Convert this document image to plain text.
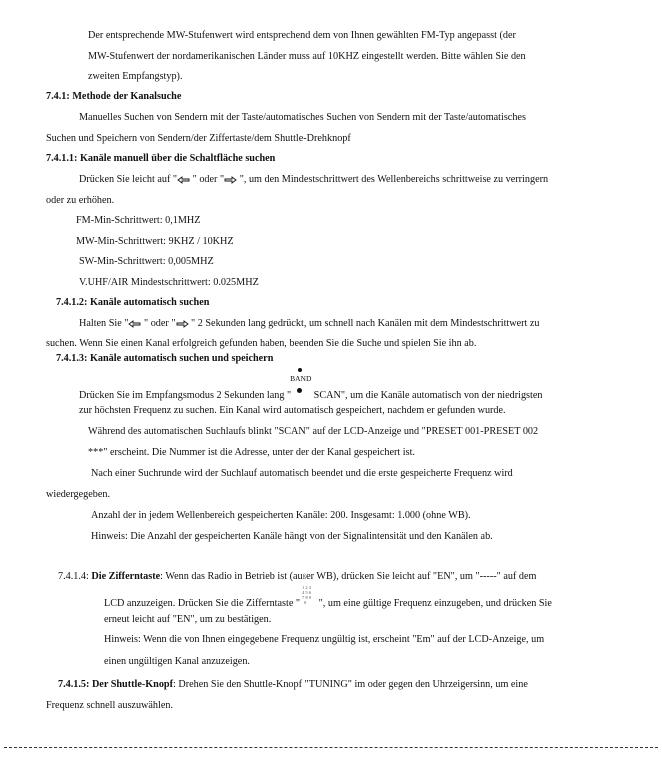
Der entsprechende MW-Stufenwert wird entsprechend dem von Ihnen gewählten FM-Typ angepasst (der
MW-Stufenwert der nordamerikanischen Länder muss auf 10KHZ eingestellt werden. Bitte wählen Sie den
zweiten Empfangstyp).
7.4.1: Methode der Kanalsuche
Manuelles Suchen von Sendern mit der Taste/automatisches Suchen von Sendern mit der Taste/automatisches
Suchen und Speichern von Sendern/der Ziffertaste/dem Shuttle-Drehknopf
7.4.1.1: Kanäle manuell über die Schaltfläche suchen
Drücken Sie leicht auf " " oder " ", um den Mindestschrittwert des Wellenbereichs schrittweise zu verringern
oder zu erhöhen.
FM-Min-Schrittwert: 0,1MHZ
MW-Min-Schrittwert: 9KHZ / 10KHZ
SW-Min-Schrittwert: 0,005MHZ
V.UHF/AIR Mindestschrittwert: 0.025MHZ
7.4.1.2: Kanäle automatisch suchen
Halten Sie " " oder " " 2 Sekunden lang gedrückt, um schnell nach Kanälen mit dem Mindestschrittwert zu
suchen. Wenn Sie einen Kanal erfolgreich gefunden haben, beenden Sie die Suche und spielen Sie ihn ab.
7.4.1.3: Kanäle automatisch suchen und speichern
Drücken Sie im Empfangsmodus 2 Sekunden lang "
BAND
SCAN", um die Kanäle automatisch von der niedrigsten
zur höchsten Frequenz zu suchen. Ein Kanal wird automatisch gespeichert, nachdem er gefunden wurde.
Während des automatischen Suchlaufs blinkt "SCAN" auf der LCD-Anzeige und "PRESET 001-PRESET 002
***" erscheint. Die Nummer ist die Adresse, unter der der Kanal gespeichert ist.
Nach einer Suchrunde wird der Suchlauf automatisch beendet und die erste gespeicherte Frequenz wird
wiedergegeben.
Anzahl der in jedem Wellenbereich gespeicherten Kanäle: 200. Insgesamt: 1.000 (ohne WB).
Hinweis: Die Anzahl der gespeicherten Kanäle hängt von der Signalintensität und den Kanälen ab.
7.4.1.4: Die Zifferntaste: Wenn das Radio in Betrieb ist (außer WB), drücken Sie leicht auf "EN", um "-----" auf dem
LCD anzuzeigen. Drücken Sie die Zifferntaste "
1 2 3
4 5 6
7 8 9
0 ", um eine gültige Frequenz einzugeben, und drücken Sie
erneut leicht auf "EN", um zu bestätigen.
Hinweis: Wenn die von Ihnen eingegebene Frequenz ungültig ist, erscheint "Em" auf der LCD-Anzeige, um
einen ungültigen Kanal anzuzeigen.
7.4.1.5: Der Shuttle-Knopf: Drehen Sie den Shuttle-Knopf "TUNING" im oder gegen den Uhrzeigersinn, um eine
Frequenz schnell auszuwählen.
